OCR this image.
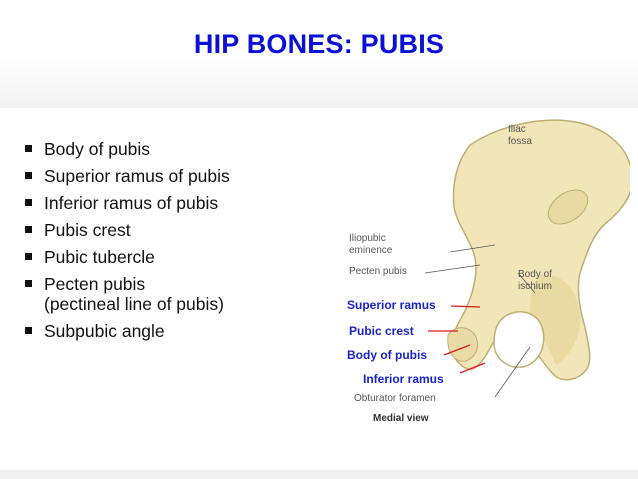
HIP BONES: PUBIS
Body of pubis
Superior ramus of pubis
Inferior ramus of pubis
Pubis crest
Pubic tubercle
Pecten pubis
(pectineal line of pubis)
Subpubic angle
Iliac
fossa
Iliopubic
eminence
Pecten pubis	Body of
ischium
Superior ramus
Pubic crest
Body of pubis
Inferior ramus
Obturator foramen
Medial view
